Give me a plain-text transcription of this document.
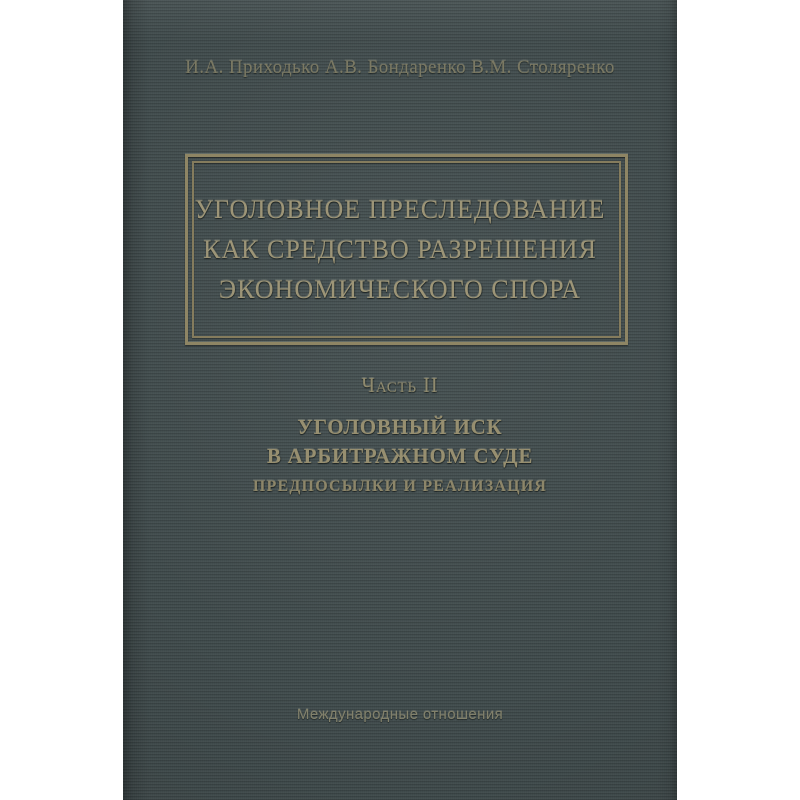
И.А. Приходько А.В. Бондаренко В.М. Столяренко
УГОЛОВНОЕ ПРЕСЛЕДОВАНИЕ
КАК СРЕДСТВО РАЗРЕШЕНИЯ
ЭКОНОМИЧЕСКОГО СПОРА
Часть II
УГОЛОВНЫЙ ИСК
В АРБИТРАЖНОМ СУДЕ
ПРЕДПОСЫЛКИ И РЕАЛИЗАЦИЯ
Международные отношения
